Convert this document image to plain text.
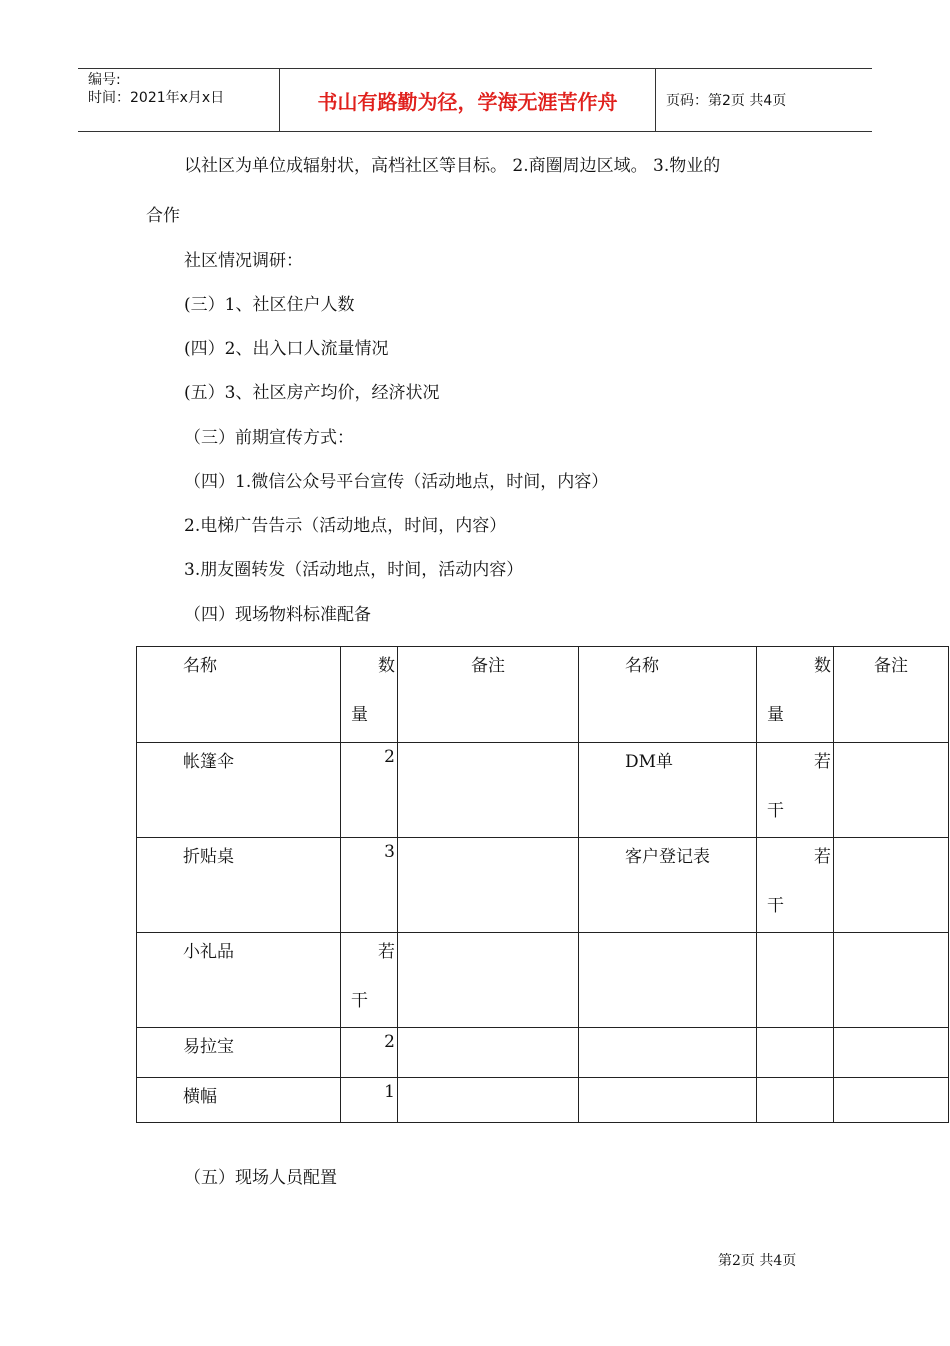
编号:
时间：2021年x月x日	书山有路勤为径，学海无涯苦作舟	页码：第2页 共4页
以社区为单位成辐射状，高档社区等目标。 2.商圈周边区域。 3.物业的
合作
社区情况调研：
(三）1、社区住户人数
(四）2、出入口人流量情况
(五）3、社区房产均价，经济状况
（三）前期宣传方式：
（四）1.微信公众号平台宣传（活动地点，时间，内容）
2.电梯广告告示（活动地点，时间，内容）
3.朋友圈转发（活动地点，时间，活动内容）
（四）现场物料标准配备
名称	数
量	备注	名称	数
量	备注

帐篷伞	2		DM单	若
干	

折贴桌	3		客户登记表	若
干	

小礼品	若
干				

易拉宝	2				

横幅	1				

（五）现场人员配置
第2页 共4页
